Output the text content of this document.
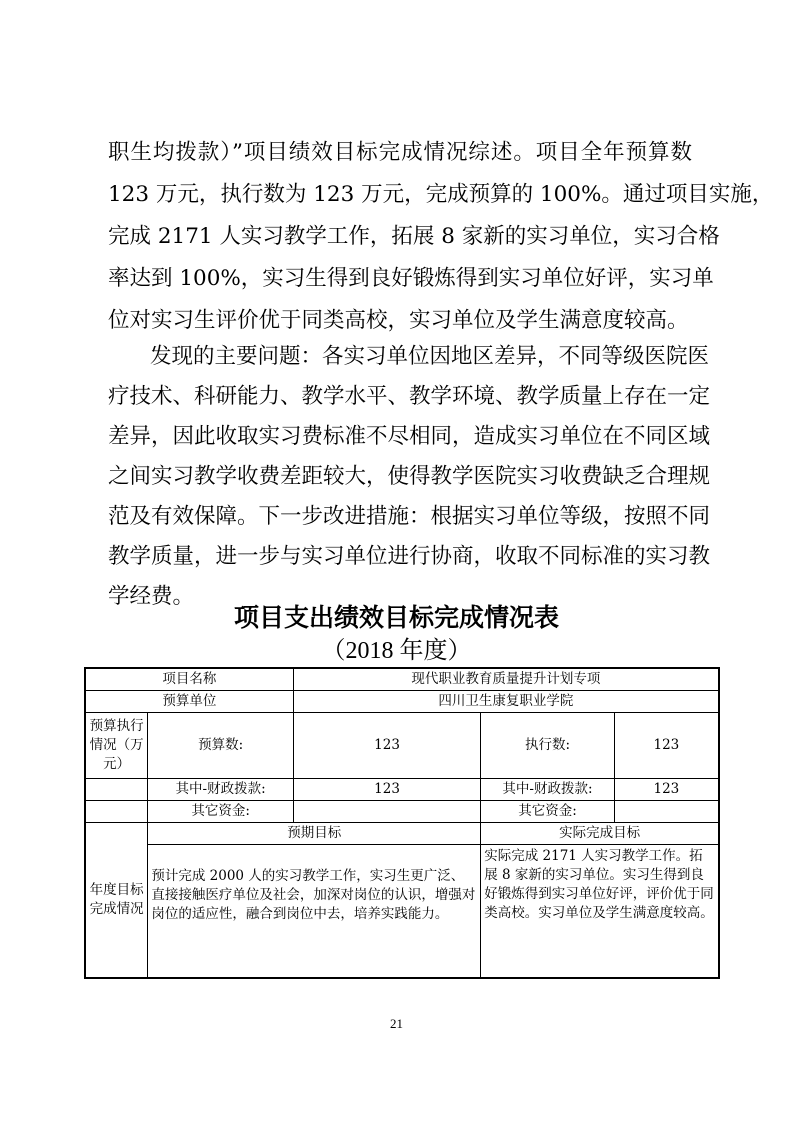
职生均拨款）”项目绩效目标完成情况综述。项目全年预算数
123 万元，执行数为 123 万元，完成预算的 100%。通过项目实施，
完成 2171 人实习教学工作，拓展 8 家新的实习单位，实习合格
率达到 100%，实习生得到良好锻炼得到实习单位好评，实习单
位对实习生评价优于同类高校，实习单位及学生满意度较高。
发现的主要问题：各实习单位因地区差异，不同等级医院医
疗技术、科研能力、教学水平、教学环境、教学质量上存在一定
差异，因此收取实习费标准不尽相同，造成实习单位在不同区域
之间实习教学收费差距较大，使得教学医院实习收费缺乏合理规
范及有效保障。下一步改进措施：根据实习单位等级，按照不同
教学质量，进一步与实习单位进行协商，收取不同标准的实习教
学经费。
项目支出绩效目标完成情况表
（2018 年度）
项目名称		现代职业教育质量提升计划专项		
预算单位		四川卫生康复职业学院		
预算执行情况（万元）	预算数:	123	执行数:	123
	其中-财政拨款:	123	其中-财政拨款:	123
	其它资金:		其它资金:	
年度目标完成情况	预期目标		实际完成目标	
	预计完成 2000 人的实习教学工作，实习生更广泛、直接接触医疗单位及社会，加深对岗位的认识，增强对岗位的适应性，融合到岗位中去，培养实践能力。		实际完成 2171 人实习教学工作。拓展 8 家新的实习单位。实习生得到良好锻炼得到实习单位好评，评价优于同类高校。实习单位及学生满意度较高。	
21
